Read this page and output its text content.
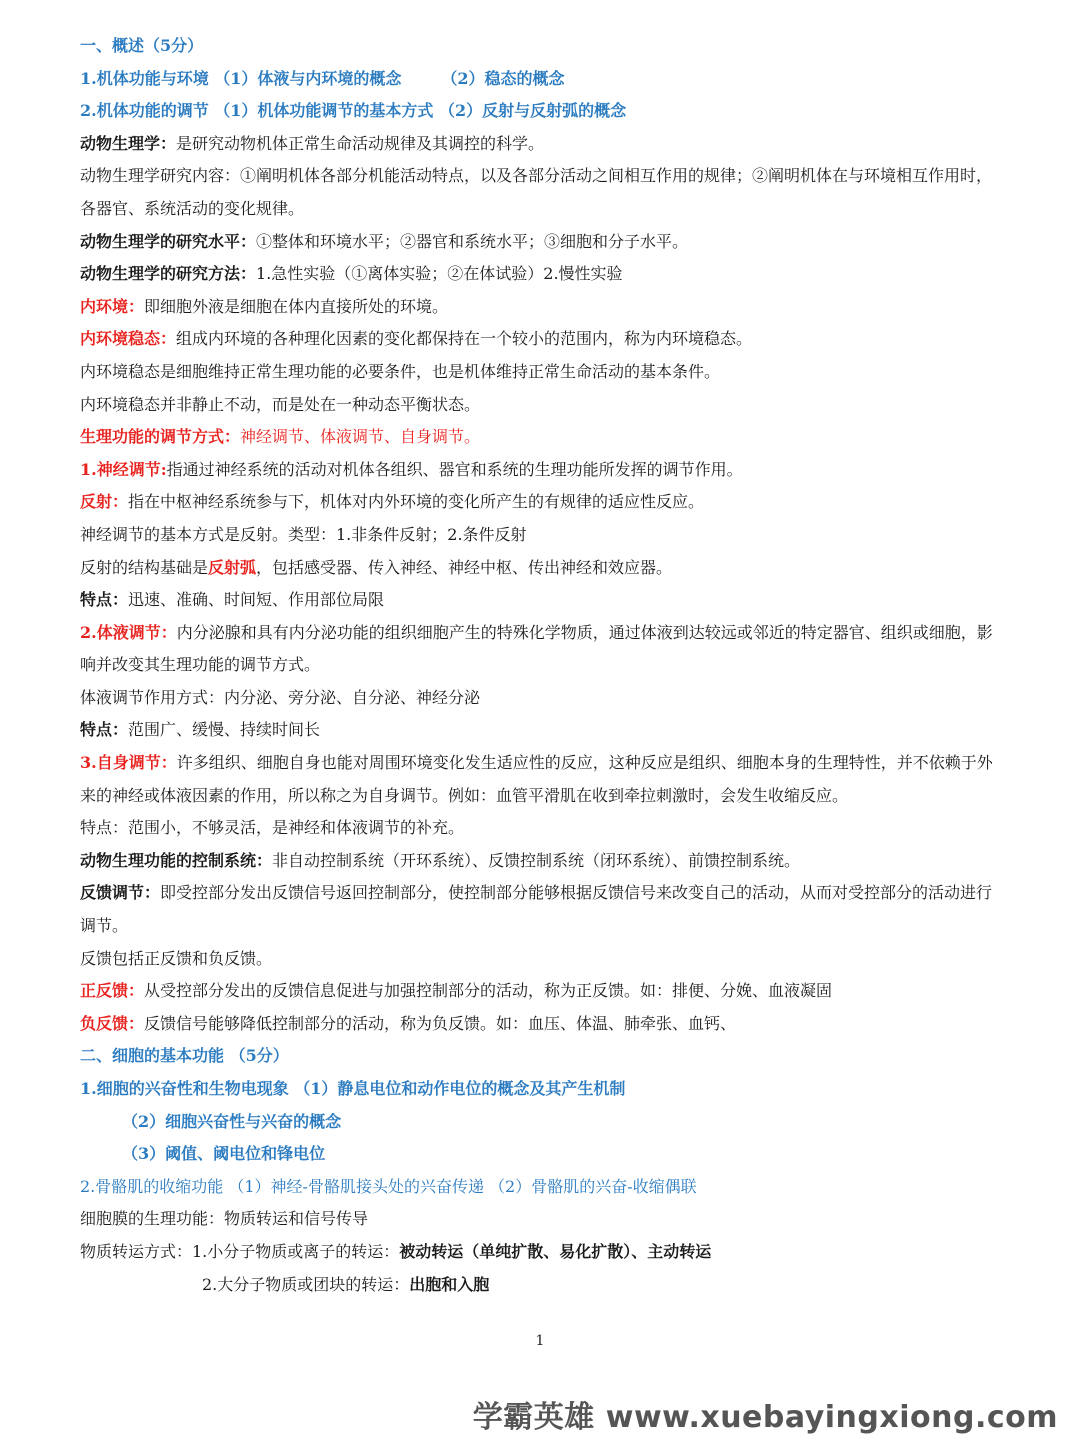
一、概述（5分）
1.机体功能与环境 （1）体液与内环境的概念	（2）稳态的概念
2.机体功能的调节 （1）机体功能调节的基本方式 （2）反射与反射弧的概念
动物生理学：是研究动物机体正常生命活动规律及其调控的科学。
动物生理学研究内容：①阐明机体各部分机能活动特点，以及各部分活动之间相互作用的规律；②阐明机体在与环境相互作用时，各器官、系统活动的变化规律。
动物生理学的研究水平：①整体和环境水平；②器官和系统水平；③细胞和分子水平。
动物生理学的研究方法：1.急性实验（①离体实验；②在体试验）2.慢性实验
内环境：即细胞外液是细胞在体内直接所处的环境。
内环境稳态：组成内环境的各种理化因素的变化都保持在一个较小的范围内，称为内环境稳态。
内环境稳态是细胞维持正常生理功能的必要条件，也是机体维持正常生命活动的基本条件。
内环境稳态并非静止不动，而是处在一种动态平衡状态。
生理功能的调节方式：神经调节、体液调节、自身调节。
1.神经调节:指通过神经系统的活动对机体各组织、器官和系统的生理功能所发挥的调节作用。
反射：指在中枢神经系统参与下，机体对内外环境的变化所产生的有规律的适应性反应。
神经调节的基本方式是反射。类型：1.非条件反射；2.条件反射
反射的结构基础是反射弧，包括感受器、传入神经、神经中枢、传出神经和效应器。
特点：迅速、准确、时间短、作用部位局限
2.体液调节：内分泌腺和具有内分泌功能的组织细胞产生的特殊化学物质，通过体液到达较远或邻近的特定器官、组织或细胞，影响并改变其生理功能的调节方式。
体液调节作用方式：内分泌、旁分泌、自分泌、神经分泌
特点：范围广、缓慢、持续时间长
3.自身调节：许多组织、细胞自身也能对周围环境变化发生适应性的反应，这种反应是组织、细胞本身的生理特性，并不依赖于外来的神经或体液因素的作用，所以称之为自身调节。例如：血管平滑肌在收到牵拉刺激时，会发生收缩反应。
特点：范围小，不够灵活，是神经和体液调节的补充。
动物生理功能的控制系统：非自动控制系统（开环系统）、反馈控制系统（闭环系统）、前馈控制系统。
反馈调节：即受控部分发出反馈信号返回控制部分，使控制部分能够根据反馈信号来改变自己的活动，从而对受控部分的活动进行调节。
反馈包括正反馈和负反馈。
正反馈：从受控部分发出的反馈信息促进与加强控制部分的活动，称为正反馈。如：排便、分娩、血液凝固
负反馈：反馈信号能够降低控制部分的活动，称为负反馈。如：血压、体温、肺牵张、血钙、
二、细胞的基本功能 （5分）
1.细胞的兴奋性和生物电现象 （1）静息电位和动作电位的概念及其产生机制
（2）细胞兴奋性与兴奋的概念
（3）阈值、阈电位和锋电位
2.骨骼肌的收缩功能 （1）神经-骨骼肌接头处的兴奋传递 （2）骨骼肌的兴奋-收缩偶联
细胞膜的生理功能：物质转运和信号传导
物质转运方式：1.小分子物质或离子的转运：被动转运（单纯扩散、易化扩散）、主动转运
2.大分子物质或团块的转运：出胞和入胞
1
学霸英雄 www.xuebayingxiong.com
